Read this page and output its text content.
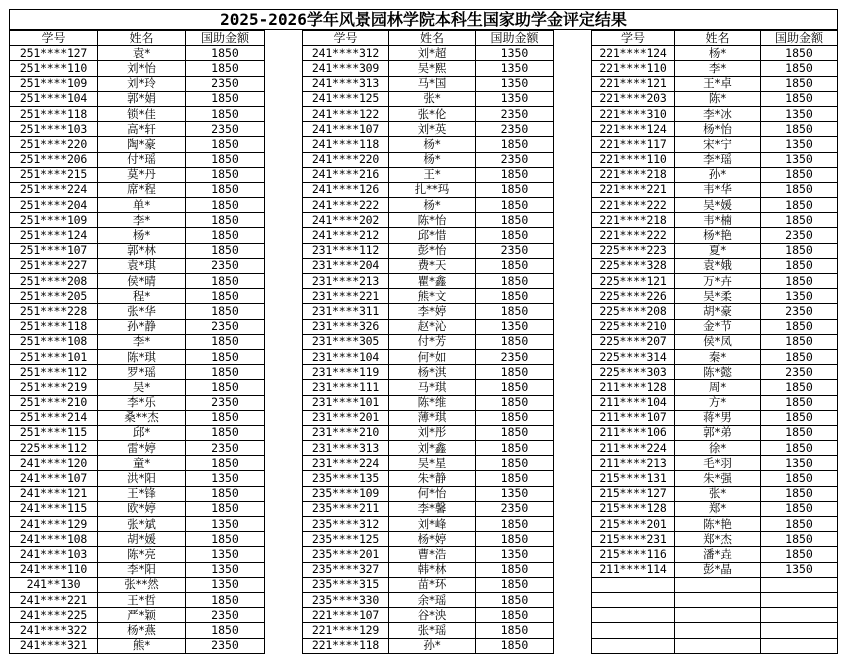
2025-2026学年风景园林学院本科生国家助学金评定结果
学号	姓名	国助金额
251****127	袁*	1850
251****110	刘*怡	1850
251****109	刘*玲	2350
251****104	郭*娟	1850
251****118	锁*佳	1850
251****103	高*轩	2350
251****220	陶*豪	1850
251****206	付*瑶	1850
251****215	莫*丹	1850
251****224	席*程	1850
251****204	单*	1850
251****109	李*	1850
251****124	杨*	1850
251****107	郭*林	1850
251****227	袁*琪	2350
251****208	侯*晴	1850
251****205	程*	1850
251****228	张*华	1850
251****118	孙*静	2350
251****108	李*	1850
251****101	陈*琪	1850
251****112	罗*瑶	1850
251****219	吴*	1850
251****210	李*乐	2350
251****214	桑**杰	1850
251****115	邱*	1850
225****112	雷*婷	2350
241****120	童*	1850
241****107	洪*阳	1350
241****121	王*锋	1850
241****115	欧*婷	1850
241****129	张*斌	1350
241****108	胡*媛	1850
241****103	陈*亮	1350
241****110	李*阳	1350
241**130	张**然	1350
241****221	王*哲	1850
241****225	严*颖	2350
241****322	杨*燕	1850
241****321	熊*	2350
学号	姓名	国助金额
241****312	刘*超	1350
241****309	吴*熙	1350
241****313	马*国	1350
241****125	张*	1350
241****122	张*伦	2350
241****107	刘*英	2350
241****118	杨*	1850
241****220	杨*	2350
241****216	王*	1850
241****126	扎**玛	1850
241****222	杨*	1850
241****202	陈*怡	1850
241****212	邱*惜	1850
231****112	彭*怡	2350
231****204	费*天	1850
231****213	瞿*鑫	1850
231****221	熊*文	1850
231****311	李*婷	1850
231****326	赵*沁	1350
231****305	付*芳	1850
231****104	何*如	2350
231****119	杨*淇	1850
231****111	马*琪	1850
231****101	陈*维	1850
231****201	薄*琪	1850
231****210	刘*彤	1850
231****313	刘*鑫	1850
231****224	吴*星	1850
235****135	朱*静	1850
235****109	何*怡	1350
235****211	李*馨	2350
235****312	刘*峰	1850
235****125	杨*婷	1850
235****201	曹*浩	1350
235****327	韩*林	1850
235****315	苗*环	1850
235****330	余*瑶	1850
221****107	谷*泱	1850
221****129	张*瑶	1850
221****118	孙*	1850
学号	姓名	国助金额
221****124	杨*	1850
221****110	李*	1850
221****121	王*卓	1850
221****203	陈*	1850
221****310	李*冰	1350
221****124	杨*怡	1850
221****117	宋*宁	1350
221****110	李*瑶	1350
221****218	孙*	1850
221****221	韦*华	1850
221****222	吴*媛	1850
221****218	韦*楠	1850
221****222	杨*艳	2350
225****223	夏*	1850
225****328	袁*娥	1850
225****121	万*卉	1850
225****226	吴*柔	1350
225****208	胡*豪	2350
225****210	金*节	1850
225****207	侯*凤	1850
225****314	秦*	1850
225****303	陈*懿	2350
211****128	周*	1850
211****104	方*	1850
211****107	蒋*男	1850
211****106	郭*弟	1850
211****224	徐*	1850
211****213	毛*羽	1350
215****131	朱*强	1850
215****127	张*	1850
215****128	郑*	1850
215****201	陈*艳	1850
215****231	郑*杰	1850
215****116	潘*垚	1850
211****114	彭*晶	1350
